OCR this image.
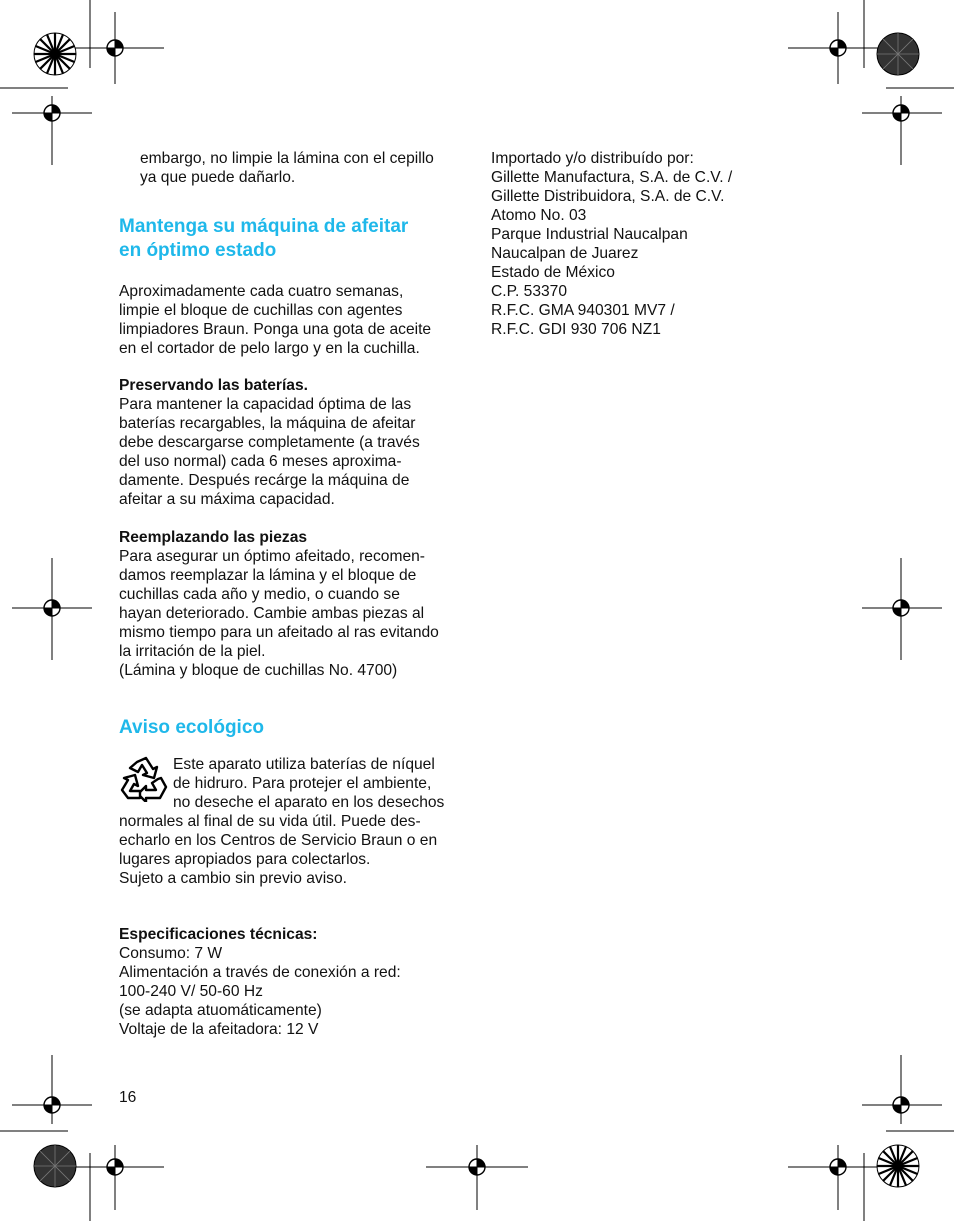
embargo, no limpie la lámina con el cepillo
ya que puede dañarlo.

Mantenga su máquina de afeitar
en óptimo estado

Aproximadamente cada cuatro semanas,
limpie el bloque de cuchillas con agentes
limpiadores Braun. Ponga una gota de aceite
en el cortador de pelo largo y en la cuchilla.

Preservando las baterías.

Para mantener la capacidad óptima de las
baterías recargables, la máquina de afeitar
debe descargarse completamente (a través
del uso normal) cada 6 meses aproxima-
damente. Después recárge la máquina de
afeitar a su máxima capacidad.

Reemplazando las piezas

Para asegurar un óptimo afeitado, recomen-
damos reemplazar la lámina y el bloque de
cuchillas cada año y medio, o cuando se
hayan deteriorado. Cambie ambas piezas al
mismo tiempo para un afeitado al ras evitando
la irritación de la piel.
(Lámina y bloque de cuchillas No. 4700)

Aviso ecológico

Este aparato utiliza baterías de níquel
de hidruro. Para protejer el ambiente,
no deseche el aparato en los desechos

normales al final de su vida útil. Puede des-
echarlo en los Centros de Servicio Braun o en
lugares apropiados para colectarlos.
Sujeto a cambio sin previo aviso.

Especificaciones técnicas:

Consumo: 7 W
Alimentación a través de conexión a red:
100-240 V/ 50-60 Hz
(se adapta atuomáticamente)
Voltaje de la afeitadora: 12 V

Importado y/o distribuído por:
Gillette Manufactura, S.A. de C.V. /
Gillette Distribuidora, S.A. de C.V.
Atomo No. 03
Parque Industrial Naucalpan
Naucalpan de Juarez
Estado de México
C.P. 53370
R.F.C. GMA 940301 MV7 /
R.F.C. GDI 930 706 NZ1

16
